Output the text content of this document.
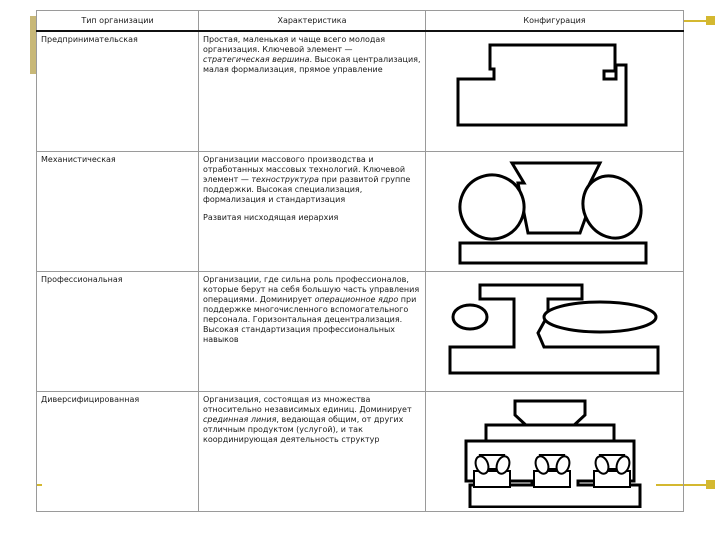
Тип организации	Характеристика	Конфигурация
Предпринимательская	Простая, маленькая и чаще всего молодая организация. Ключевой элемент — стратегическая вершина. Высокая централизация, малая формализация, прямое управление

Механистическая	Организации массового производства и отработанных массовых технологий. Ключевой элемент — техноструктура при развитой группе поддержки. Высокая специализация, формализация и стандартизация

Развитая нисходящая иерархия

Профессиональная	Организации, где сильна роль профессионалов, которые берут на себя большую часть управления операциями. Доминирует операционное ядро при поддержке многочисленного вспомогательного персонала. Горизонтальная децентрализация. Высокая стандартизация профессиональных навыков

Диверсифицированная	Организация, состоящая из множества относительно независимых единиц. Доминирует срединная линия, ведающая общим, от других отличным продуктом (услугой), и так координирующая деятельность структур
